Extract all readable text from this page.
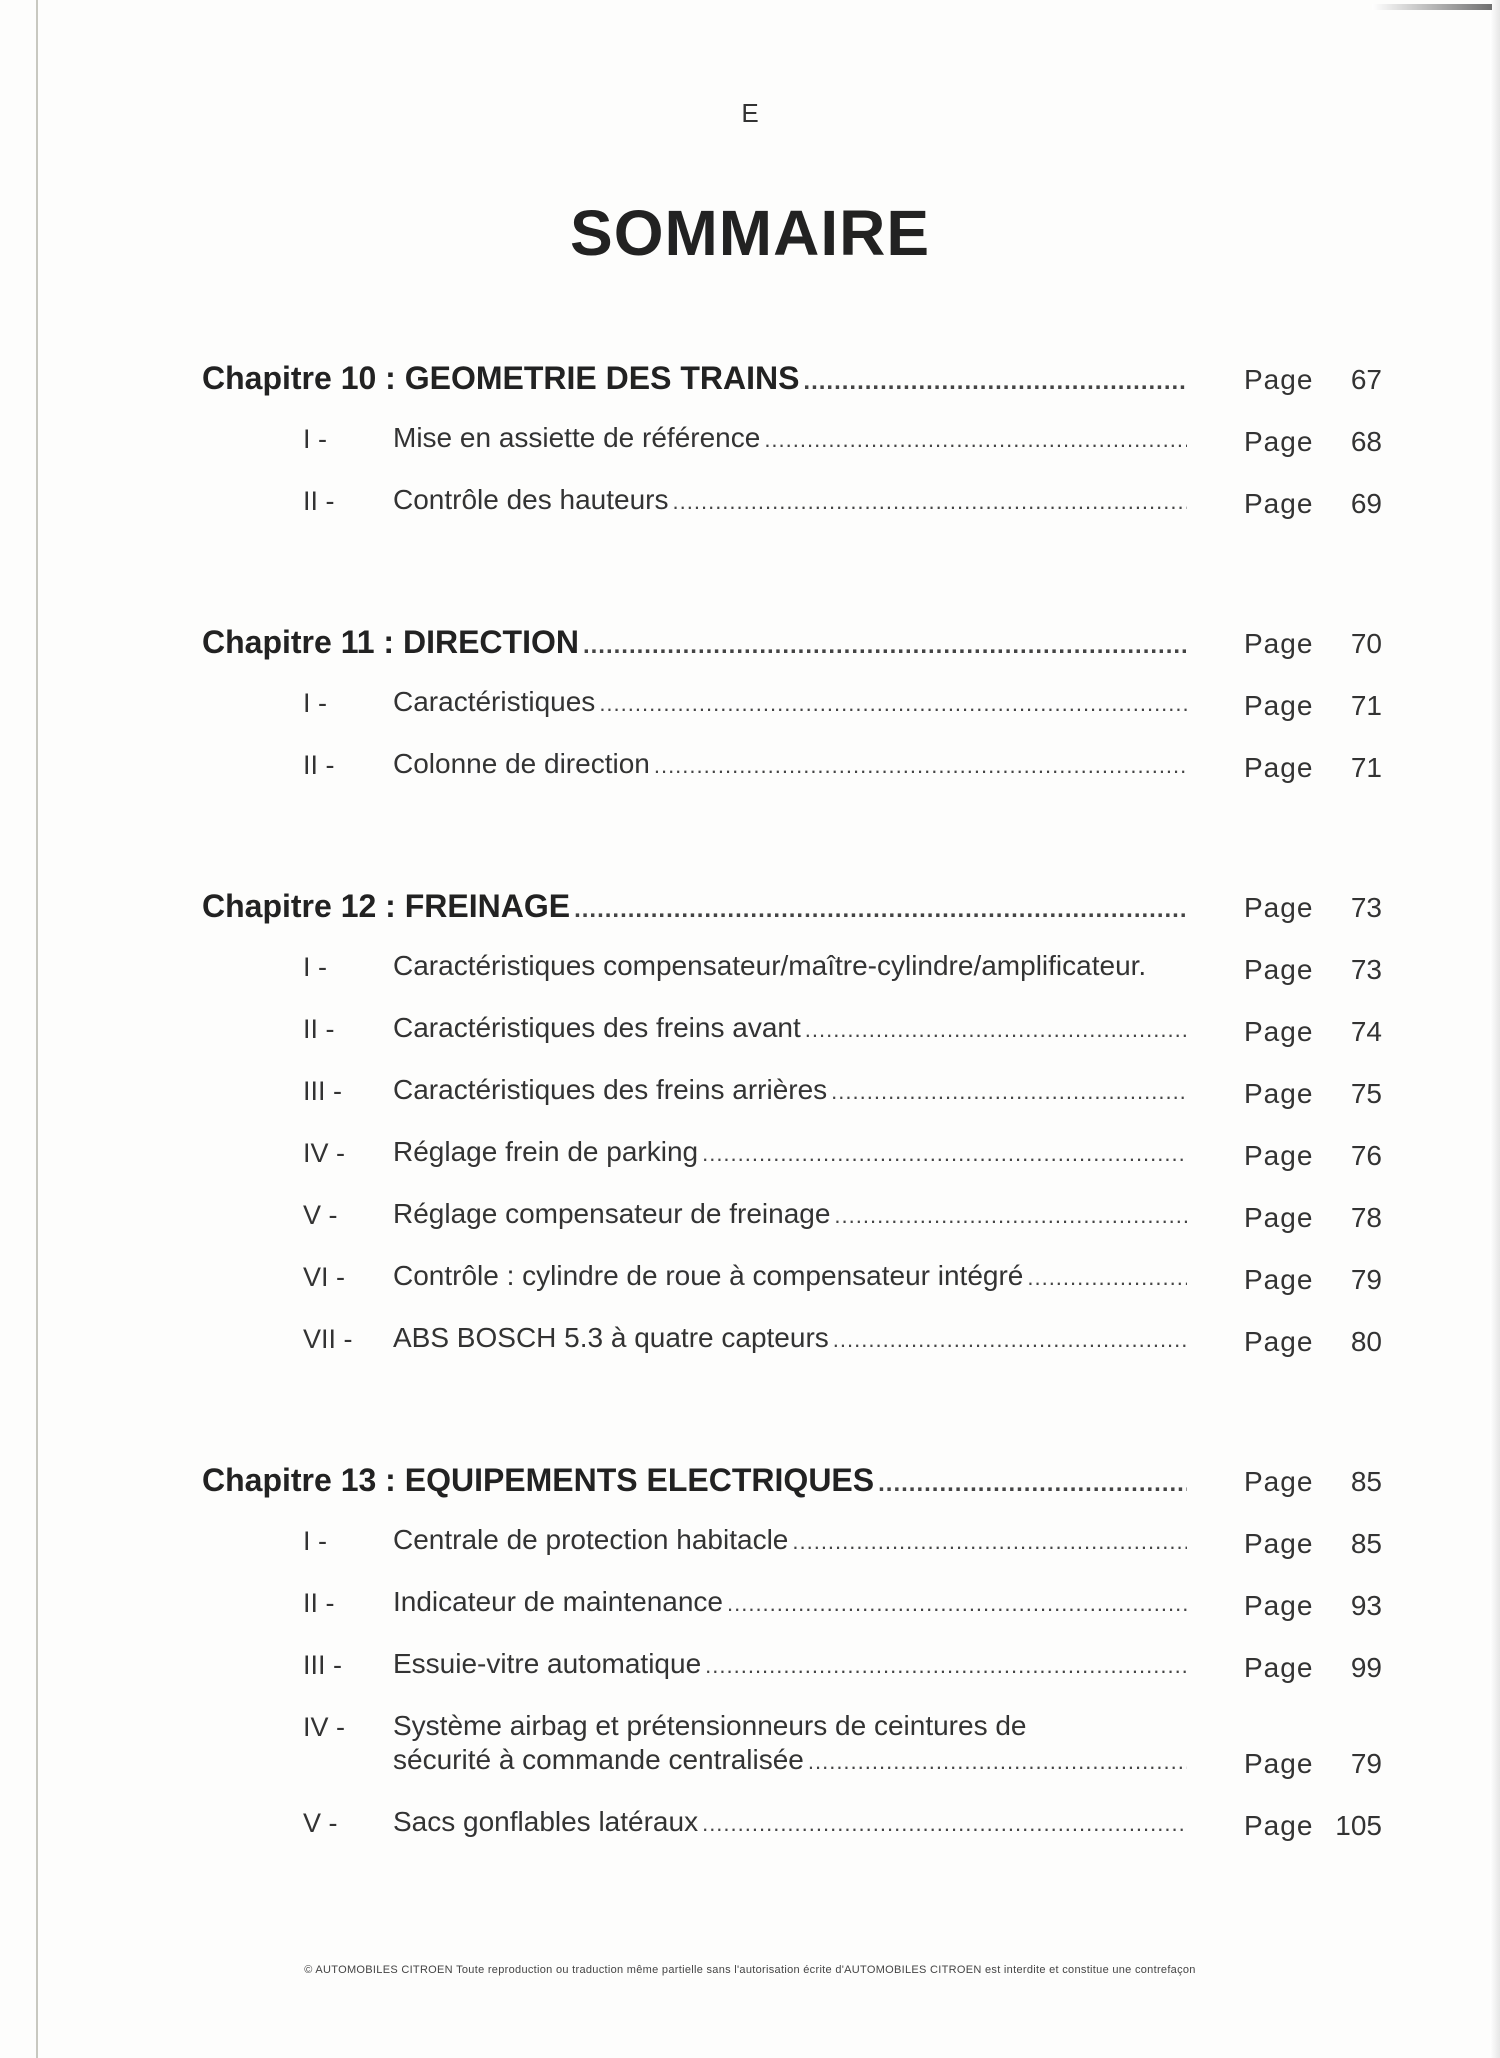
E
SOMMAIRE
Chapitre 10 : GEOMETRIE DES TRAINS .....	Page 67
I -	Mise en assiette de référence .....	Page 68
II -	Contrôle des hauteurs .....	Page 69
Chapitre 11 : DIRECTION .....	Page 70
I -	Caractéristiques .....	Page 71
II -	Colonne de direction .....	Page 71
Chapitre 12 : FREINAGE .....	Page 73
I -	Caractéristiques compensateur/maître-cylindre/amplificateur.	Page 73
II -	Caractéristiques des freins avant .....	Page 74
III -	Caractéristiques des freins arrières .....	Page 75
IV -	Réglage frein de parking .....	Page 76
V -	Réglage compensateur de freinage .....	Page 78
VI -	Contrôle : cylindre de roue à compensateur intégré .....	Page 79
VII -	ABS BOSCH 5.3 à quatre capteurs .....	Page 80
Chapitre 13 : EQUIPEMENTS ELECTRIQUES .....	Page 85
I -	Centrale de protection habitacle .....	Page 85
II -	Indicateur de maintenance .....	Page 93
III -	Essuie-vitre automatique .....	Page 99
IV -	Système airbag et prétensionneurs de ceintures de
sécurité à commande centralisée .....	Page 79
V -	Sacs gonflables latéraux .....	Page 105
© AUTOMOBILES CITROEN Toute reproduction ou traduction même partielle sans l'autorisation écrite d'AUTOMOBILES CITROEN est interdite et constitue une contrefaçon
